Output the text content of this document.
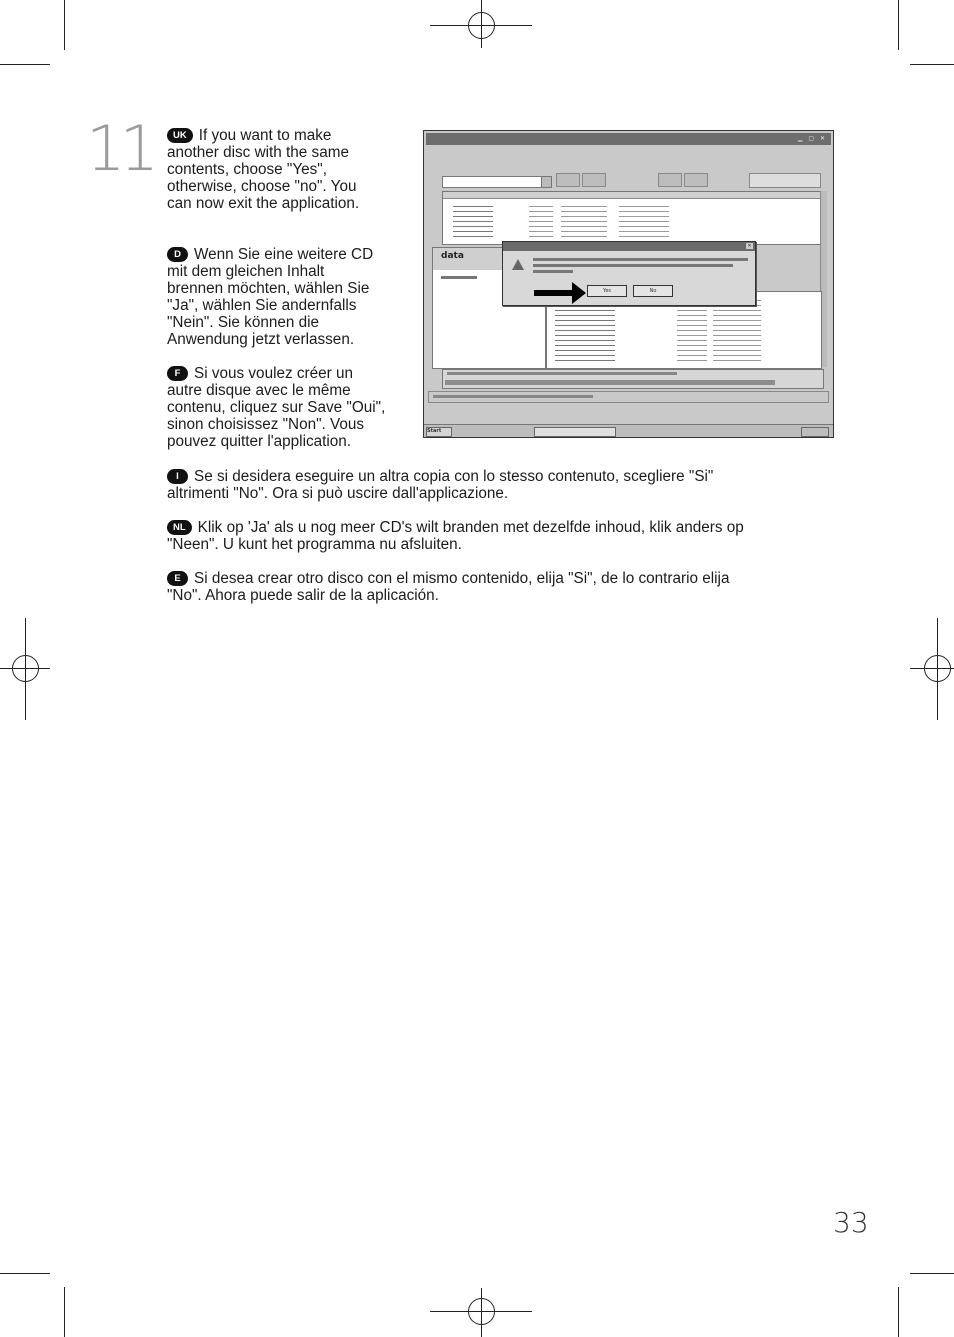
11	UK If you want to make another disc with the same contents, choose "Yes", otherwise, choose "no". You can now exit the application.
D Wenn Sie eine weitere CD mit dem gleichen Inhalt brennen möchten, wählen Sie "Ja", wählen Sie andernfalls "Nein". Sie können die Anwendung jetzt verlassen.
F Si vous voulez créer un autre disque avec le même contenu, cliquez sur Save "Oui", sinon choisissez "Non". Vous pouvez quitter l'application.
I Se si desidera eseguire un altra copia con lo stesso contenuto, scegliere "Si" altrimenti "No". Ora si può uscire dall'applicazione.
NL Klik op 'Ja' als u nog meer CD's wilt branden met dezelfde inhoud, klik anders op "Neen". U kunt het programma nu afsluiten.
E Si desea crear otro disco con el mismo contenido, elija "Si", de lo contrario elija "No". Ahora puede salir de la aplicación.
▁ ▢ ✕
data
Start
✕
Yes	No
33
